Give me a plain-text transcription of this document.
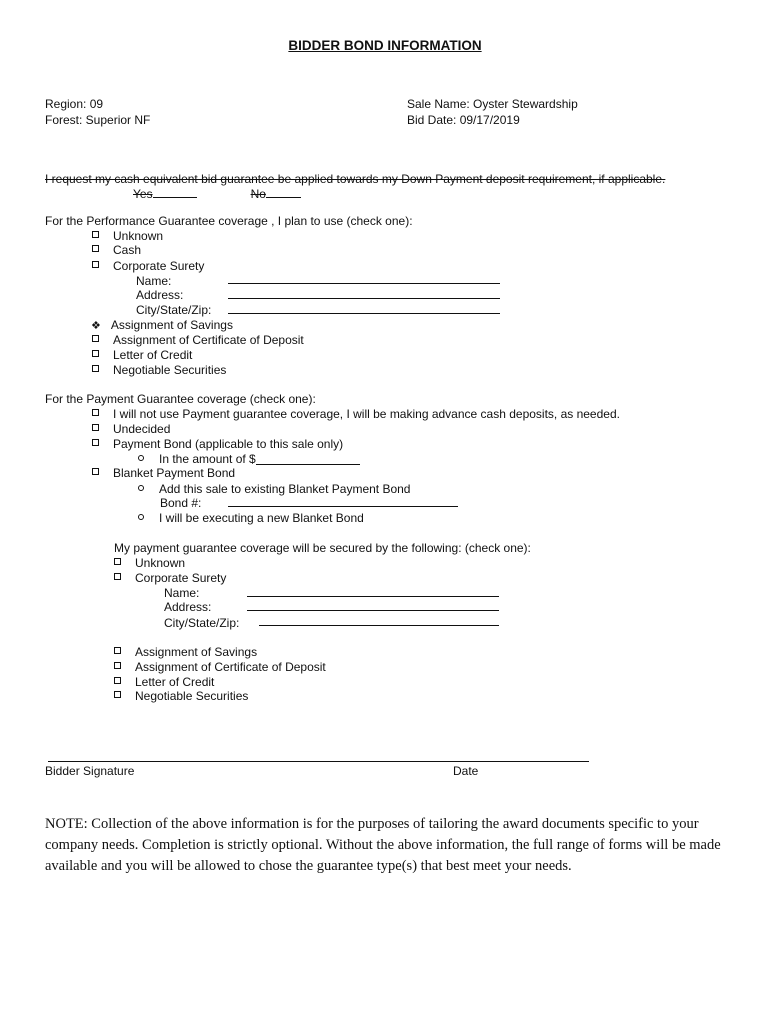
BIDDER BOND INFORMATION
Region: 09
Forest: Superior NF
Sale Name: Oyster Stewardship
Bid Date: 09/17/2019
I request my cash equivalent bid guarantee be applied towards my Down Payment deposit requirement, if applicable.
Yes	No
For the Performance Guarantee coverage , I plan to use (check one):
Unknown
Cash
Corporate Surety
Name:
Address:
City/State/Zip:
❖ Assignment of Savings
Assignment of Certificate of Deposit
Letter of Credit
Negotiable Securities
For the Payment Guarantee coverage (check one):
I will not use Payment guarantee coverage, I will be making advance cash deposits, as needed.
Undecided
Payment Bond (applicable to this sale only)
In the amount of $
Blanket Payment Bond
Add this sale to existing Blanket Payment Bond
Bond #:
I will be executing a new Blanket Bond
My payment guarantee coverage will be secured by the following: (check one):
Unknown
Corporate Surety
Name:
Address:
City/State/Zip:
Assignment of Savings
Assignment of Certificate of Deposit
Letter of Credit
Negotiable Securities
Bidder Signature	Date
NOTE: Collection of the above information is for the purposes of tailoring the award documents specific to your company needs. Completion is strictly optional. Without the above information, the full range of forms will be made available and you will be allowed to chose the guarantee type(s) that best meet your needs.
